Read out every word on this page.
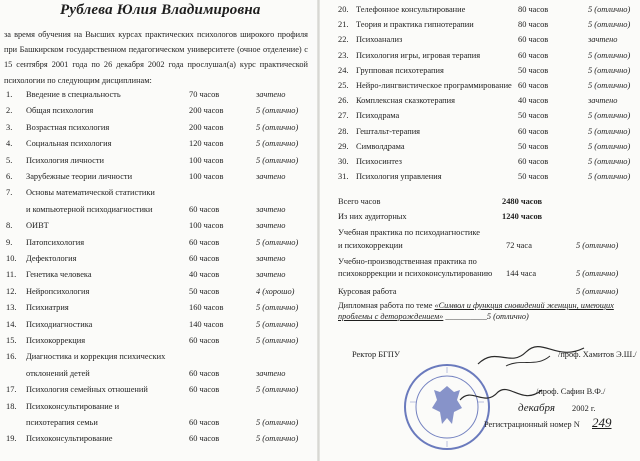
Рублева Юлия Владимировна
за время обучения на Высших курсах практических психологов широкого профиля при Башкирском государственном педагогическом университете (очное отделение) с 15 сентября 2001 года по 26 декабря 2002 года прослушал(а) курс практической психологии по следующим дисциплинам:
1. Введение в специальность	70 часов	зачтено
2. Общая психология	200 часов	5 (отлично)
3. Возрастная психология	200 часов	5 (отлично)
4. Социальная психология	120 часов	5 (отлично)
5. Психология личности	100 часов	5 (отлично)
6. Зарубежные теории личности	100 часов	зачтено
7. Основы математической статистики
и компьютерной психодиагностики	60 часов	зачтено
8. ОИВТ	100 часов	зачтено
9. Патопсихология	60 часов	5 (отлично)
10. Дефектология	60 часов	зачтено
11. Генетика человека	40 часов	зачтено
12. Нейропсихология	50 часов	4 (хорошо)
13. Психиатрия	160 часов	5 (отлично)
14. Психодиагностика	140 часов	5 (отлично)
15. Психокоррекция	60 часов	5 (отлично)
16. Диагностика и коррекция психических
отклонений детей	60 часов	зачтено
17. Психология семейных отношений	60 часов	5 (отлично)
18. Психоконсультирование и
психотерапия семьи	60 часов	5 (отлично)
19. Психоконсультирование	60 часов	5 (отлично)
20. Телефонное консультирование	80 часов	5 (отлично)
21. Теория и практика гипнотерапии	80 часов	5 (отлично)
22. Психоанализ	60 часов	зачтено
23. Психология игры, игровая терапия	60 часов	5 (отлично)
24. Групповая психотерапия	50 часов	5 (отлично)
25. Нейро-лингвистическое программирование 60 часов	5 (отлично)
26. Комплексная сказкотерапия	40 часов	зачтено
27. Психодрама	50 часов	5 (отлично)
28. Гештальт-терапия	60 часов	5 (отлично)
29. Символдрама	50 часов	5 (отлично)
30. Психосинтез	60 часов	5 (отлично)
31. Психология управления	50 часов	5 (отлично)
Всего часов	2480 часов
Из них аудиторных	1240 часов
Учебная практика по психодиагностике
и психокоррекции	72 часа	5 (отлично)
Учебно-производственная практика по
психокоррекции и психоконсультированию 144 часа	5 (отлично)
Курсовая работа	5 (отлично)
Дипломная работа по теме «Символ и функция сновидений женщин, имеющих проблемы с деторождением» __________5 (отлично)
Ректор БГПУ	/проф. Хамитов Э.Ш./
/проф. Сафин В.Ф./
декабря 2002 г.
Регистрационный номер N 249
